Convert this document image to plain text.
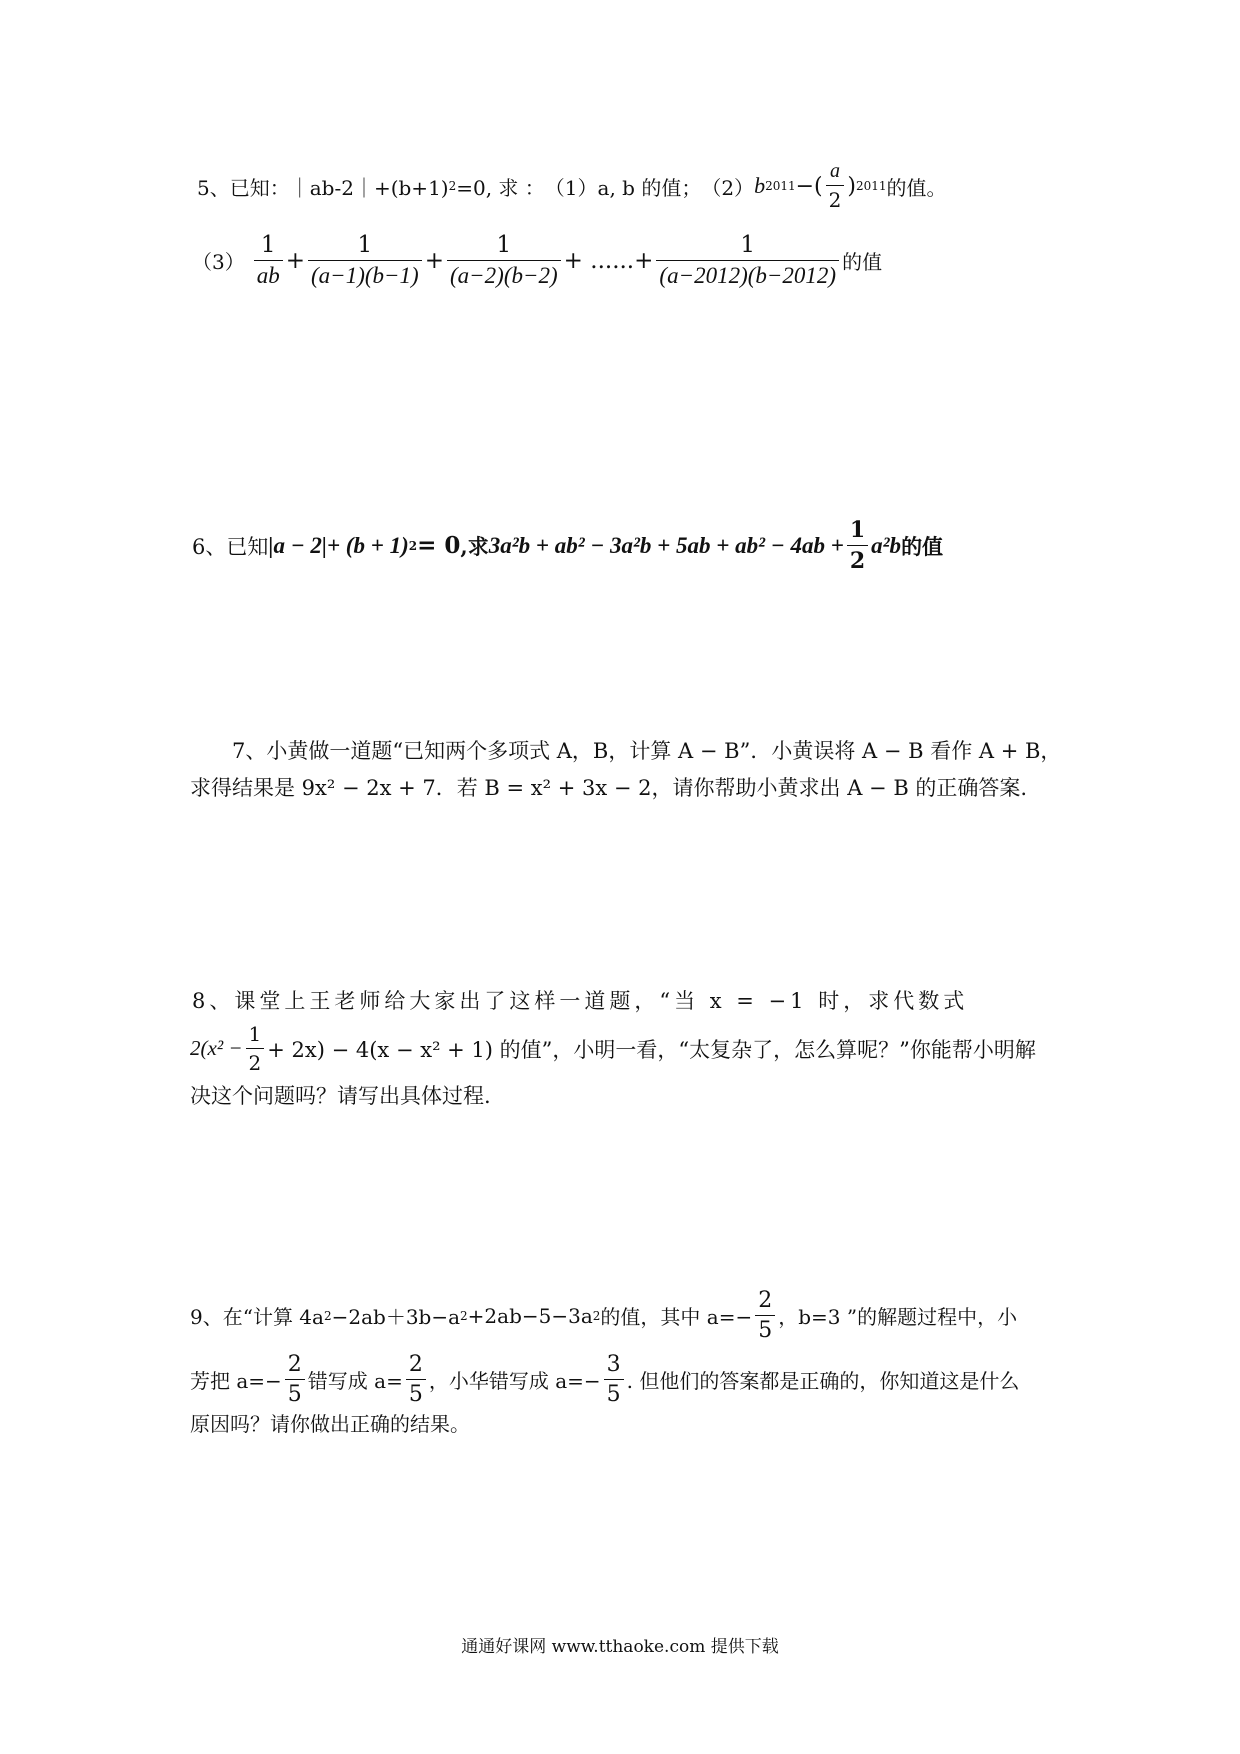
5、 已知： ｜ab-2｜+(b+1) 2 =0, 求 ： （1）a, b 的值； （2） b 2011 −( $\frac{a}{2}$ ) 2011 的值。
$(3) \frac{1}{ab} + \frac{1}{(a-1)(b-1)} + \frac{1}{(a-2)(b-2)}$ + ......+ $\frac{1}{(a-2012)(b-2012)}$ 的值
6、 已知 |a − 2| + (b + 1) 2 = 0 ,求 $3a^2b + ab^2 - 3a^2b + 5ab + ab^2 - 4ab + \frac{1}{2} a^2b$ 的值
7、小黄做一道题“已知两个多项式 A，B，计算 A − B”．小黄误将 A − B 看作 A + B，
求得结果是 9x² − 2x + 7．若 B = x² + 3x − 2，请你帮助小黄求出 A − B 的正确答案.
8、课堂上王老师给大家出了这样一道题，“当 x = −1 时，求代数式
$2(x^2 - \frac{1}{2} + 2x) - 4(x - x^2 + 1)$ 的值”，小明一看，“太复杂了，怎么算呢？”你能帮小明解
决这个问题吗？请写出具体过程.
9、在“计算 4a 2 −2ab＋3b−a 2 +2ab−5−3a 2 的值，其中 $a=- \frac{2}{5}$ ，b=3 ”的解题过程中，小
芳把 $a=- \frac{2}{5}$ 错写成 $a= \frac{2}{5}$ ，小华错写成 $a=- \frac{3}{5}$ . 但他们的答案都是正确的，你知道这是什么
原因吗？请你做出正确的结果。
通通好课网 www.tthaoke.com 提供下载
